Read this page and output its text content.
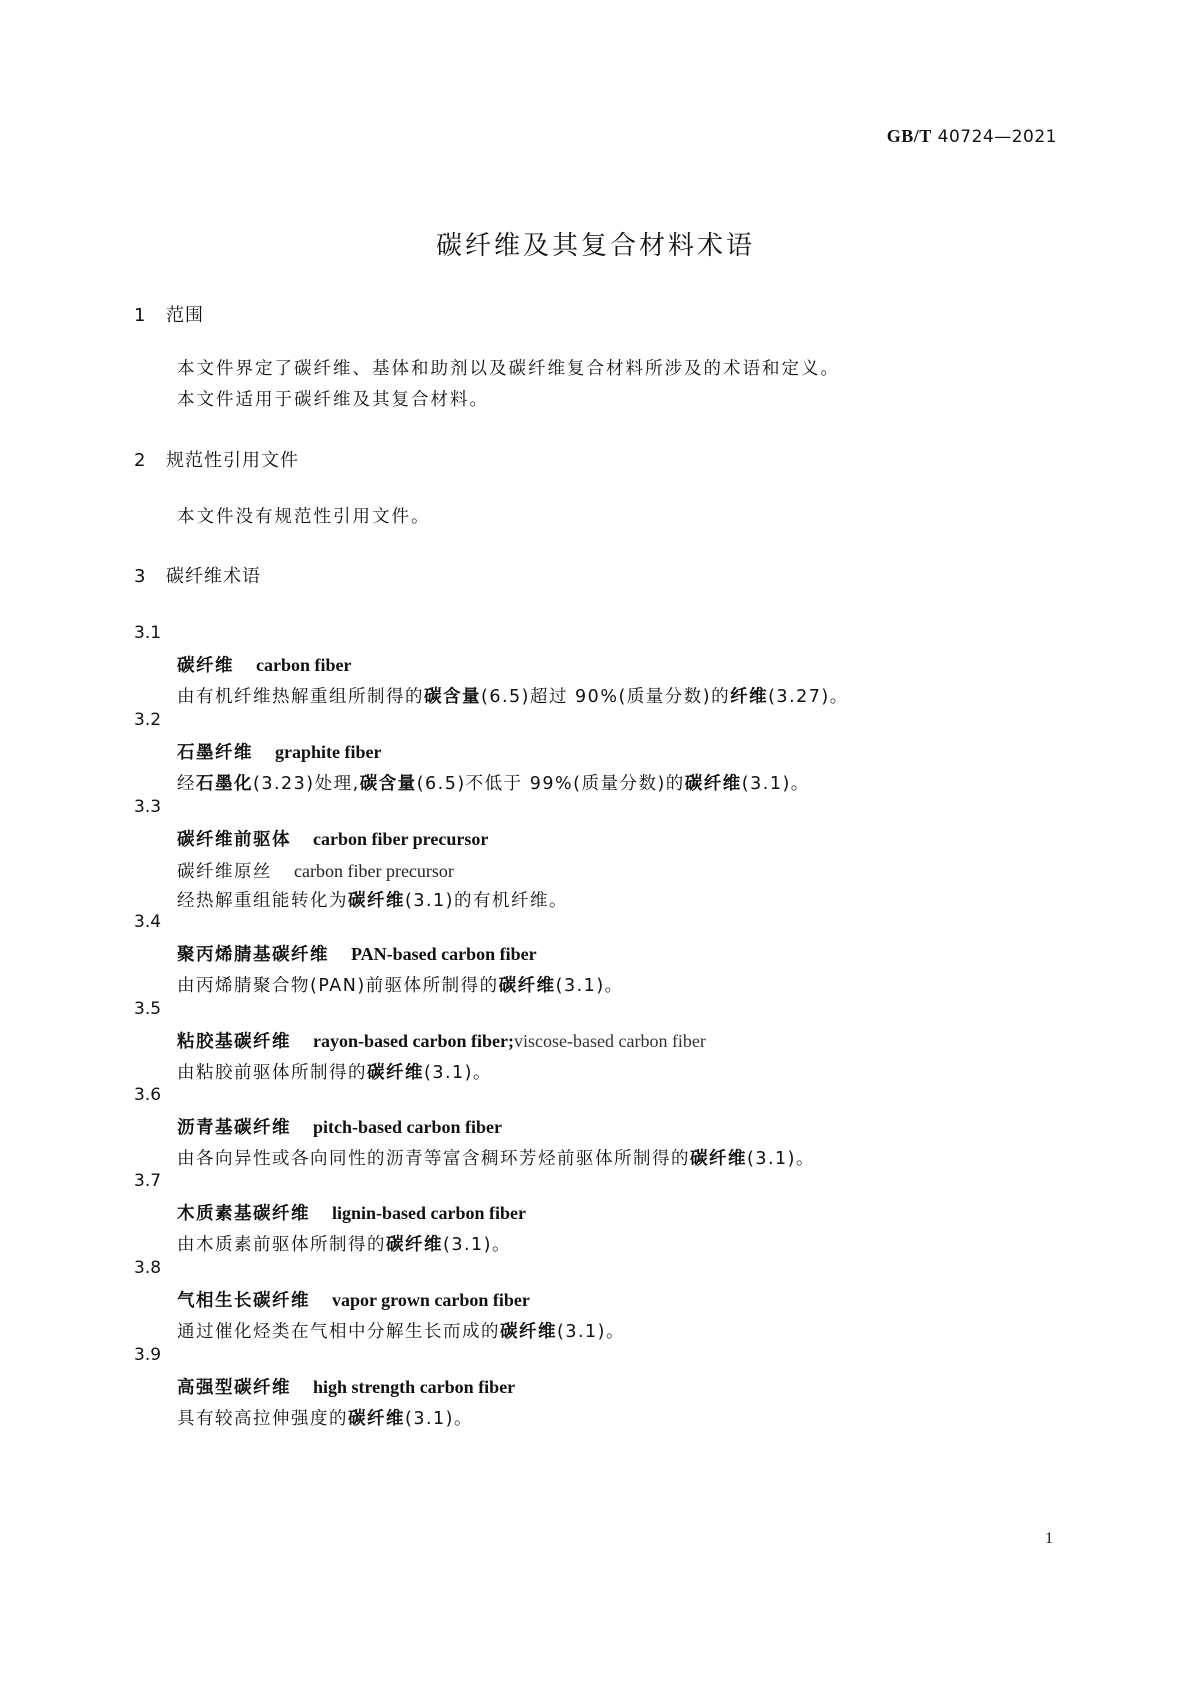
GB/T 40724—2021
碳纤维及其复合材料术语
1 范围
本文件界定了碳纤维、基体和助剂以及碳纤维复合材料所涉及的术语和定义。
本文件适用于碳纤维及其复合材料。
2 规范性引用文件
本文件没有规范性引用文件。
3 碳纤维术语
3.1
碳纤维 carbon fiber
由有机纤维热解重组所制得的碳含量(6.5)超过 90%(质量分数)的纤维(3.27)。
3.2
石墨纤维 graphite fiber
经石墨化(3.23)处理,碳含量(6.5)不低于 99%(质量分数)的碳纤维(3.1)。
3.3
碳纤维前驱体 carbon fiber precursor
碳纤维原丝 carbon fiber precursor
经热解重组能转化为碳纤维(3.1)的有机纤维。
3.4
聚丙烯腈基碳纤维 PAN-based carbon fiber
由丙烯腈聚合物(PAN)前驱体所制得的碳纤维(3.1)。
3.5
粘胶基碳纤维 rayon-based carbon fiber;viscose-based carbon fiber
由粘胶前驱体所制得的碳纤维(3.1)。
3.6
沥青基碳纤维 pitch-based carbon fiber
由各向异性或各向同性的沥青等富含稠环芳烃前驱体所制得的碳纤维(3.1)。
3.7
木质素基碳纤维 lignin-based carbon fiber
由木质素前驱体所制得的碳纤维(3.1)。
3.8
气相生长碳纤维 vapor grown carbon fiber
通过催化烃类在气相中分解生长而成的碳纤维(3.1)。
3.9
高强型碳纤维 high strength carbon fiber
具有较高拉伸强度的碳纤维(3.1)。
1
